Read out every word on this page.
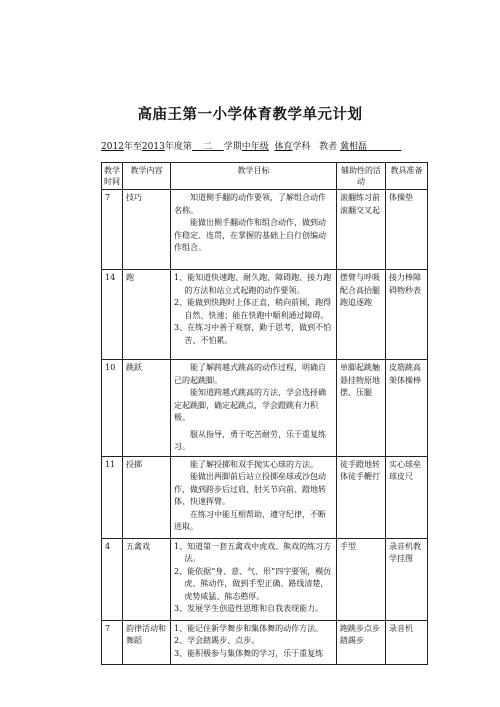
高庙王第一小学体育教学单元计划
2012年至2013年度第 二 学期中年级 体育学科 教者 冀相磊
教学时间	教学内容	教学目标	辅助性的活动	教具准备
7	技巧	知道侧手翻的动作要领，了解组合动作名称。

能做出侧手翻动作和组合动作，做到动作稳定、连贯，在掌握的基础上自行创编动作组合。	滚翻练习前滚翻交叉起	体操垫
14	跑	1、能知道快速跑、耐久跑、障碍跑、接力跑的方法和站立式起跑的动作要领。

2、能做到快跑时上体正直，稍向前倾，跑得自然、快速；能在快跑中顺利通过障碍。

3、在练习中善于观察，勤于思考，做到不怕苦、不怕累。	摆臂与呼吸配合高抬腿跑追逐跑	接力棒障碍物秒表
10	跳跃	能了解跨越式跳高的动作过程，明确自己的起跳脚。

能知道跨越式跳高的方法，学会选择确定起跳脚，确定起跳点，学会蹬跳有力积极。

服从指导，勇于吃苦耐劳，乐于重复练习。	单脚起跳触悬挂物原地摆、压腿	皮筋跳高架体操棒
11	投掷	能了解投掷和双手抛实心球的方法。

能做出两脚前后站立投掷垒球或沙包动作，做到跨步后过肩、肘关节向前、蹬地转体、快速挥臂。

在练习中能互相帮助，遵守纪律，不断进取。	徒手蹬地转体徒手鞭打	实心球垒球皮尺
4	五禽戏	1、知道第一套五禽戏中虎戏、熊戏的练习方法。

2、能依据“身、意、气、形”四字要领，模仿虎、熊动作，做到手型正确、路线清楚，虎势威猛、熊态憨厚。

3、发展学生创造性思维和自我表现能力。	手型	录音机教学挂图
7	韵律活动和舞蹈	1、能记住新学舞步和集体舞的动作方法。

2、学会踏踢步、点步。

3、能积极参与集体舞的学习，乐于重复练	跑跳步点步踏踢步	录音机
